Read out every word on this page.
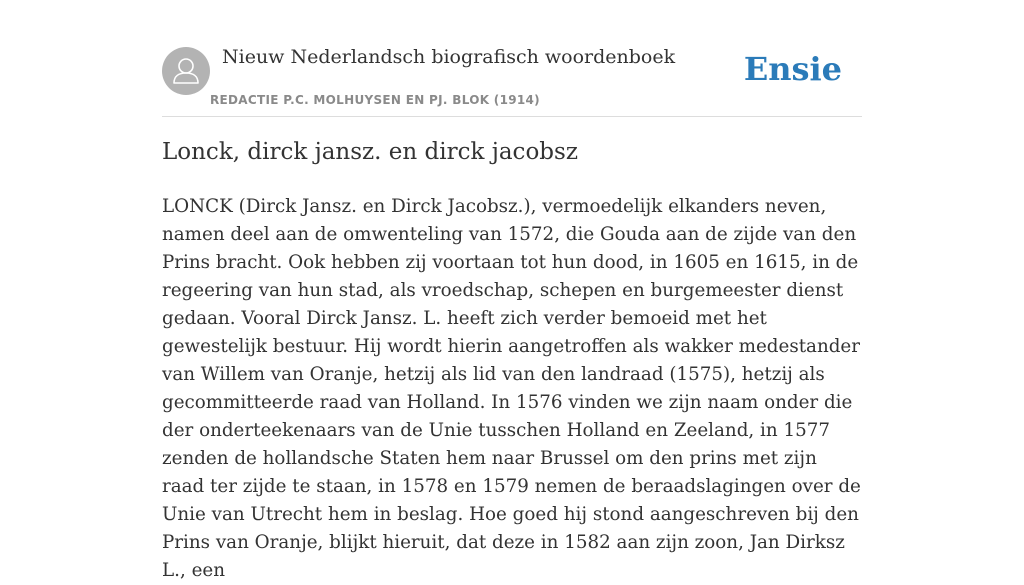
Nieuw Nederlandsch biografisch woordenboek
REDACTIE P.C. MOLHUYSEN EN PJ. BLOK (1914)
Ensie
Lonck, dirck jansz. en dirck jacobsz

LONCK (Dirck Jansz. en Dirck Jacobsz.), vermoedelijk elkanders neven, namen deel aan de omwenteling van 1572, die Gouda aan de zijde van den Prins bracht. Ook hebben zij voortaan tot hun dood, in 1605 en 1615, in de regeering van hun stad, als vroedschap, schepen en burgemeester dienst gedaan. Vooral Dirck Jansz. L. heeft zich verder bemoeid met het gewestelijk bestuur. Hij wordt hierin aangetroffen als wakker medestander van Willem van Oranje, hetzij als lid van den landraad (1575), hetzij als gecommitteerde raad van Holland. In 1576 vinden we zijn naam onder die der onderteekenaars van de Unie tusschen Holland en Zeeland, in 1577 zenden de hollandsche Staten hem naar Brussel om den prins met zijn raad ter zijde te staan, in 1578 en 1579 nemen de beraadslagingen over de Unie van Utrecht hem in beslag. Hoe goed hij stond aangeschreven bij den Prins van Oranje, blijkt hieruit, dat deze in 1582 aan zijn zoon, Jan Dirksz L., een
